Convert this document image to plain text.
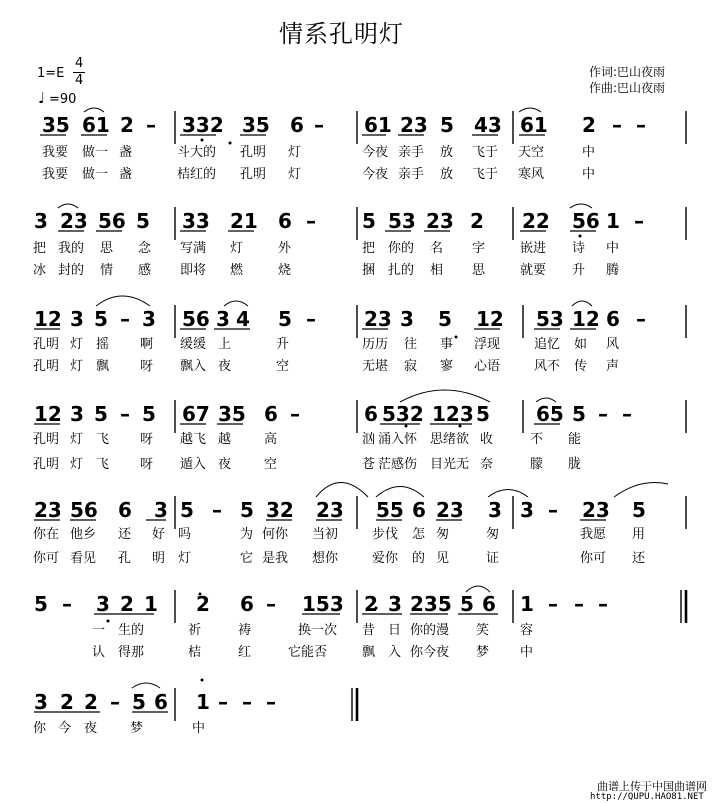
情系孔明灯
1=E
4
4
♩ =90
作词:巴山夜雨
作曲:巴山夜雨
35 61 2 – 332 35 6 – 61 23 5 43 61 2 – –
我要 做一 盏	斗大的 孔明 灯	今夜 亲手 放 飞于 天空	中
我要 做一 盏	桔红的 孔明 灯	今夜 亲手 放 飞于 寒风	中
3 23 56 5 33 21 6 – 5 53 23 2 22 56 1 –
把 我的 思 念 写满 灯	外	把 你的 名 字	嵌进 诗 中
冰 封的 情 感 即将 燃	烧	捆 扎的 相 思	就要 升 腾
12 3 5 – 3 56 3 4 5 – 23 3 5 12 53 12 6 –
孔明 灯 摇 啊 缓缓 上	升	历历 往 事 浮现	追忆 如 风
孔明 灯 飘 呀 飘入 夜	空	无堪 寂 寥 心语	风不 传 声
12 3 5 – 5 67 35 6 –	6 532 123 5 65 5 – –
孔明 灯 飞 呀 越飞 越	高	汹 涌入怀 思绪欲 收	不 能
孔明 灯 飞 呀 遁入 夜	空	苍 茫感伤 目光无 奈	朦 胧
23 56 6 3 5 – 5 32 23 55 6 23 3 3 – 23 5
你在 他乡 还 好 吗	为 何你 当初	步伐 怎 匆	匆	我愿 用
你可 看见 孔 明 灯	它 是我 想你	爱你 的 见	证	你可 还
5 – 3 2 1 2 6 – 153 2 3 235 5 6 1 – – –
一 生的	祈	祷	换一次 昔 日 你的漫 笑 容
认 得那	桔	红	它能否	飘 入 你今夜 梦 中
3 2 2 – 5 6 1 – – –
你 今 夜	梦	中
曲谱上传于中国曲谱网
http://QUPU.HAO81.NET
